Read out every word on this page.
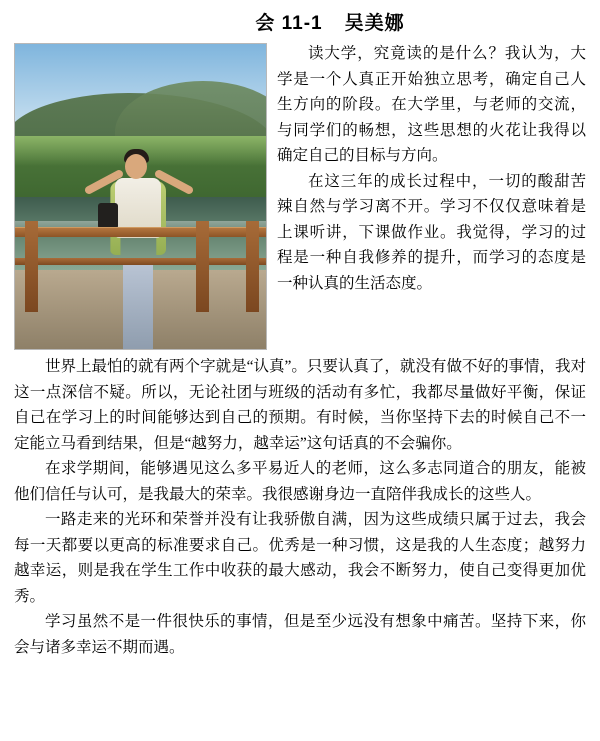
会 11-1 吴美娜

读大学，究竟读的是什么？我认为，大学是一个人真正开始独立思考，确定自己人生方向的阶段。在大学里，与老师的交流，与同学们的畅想，这些思想的火花让我得以确定自己的目标与方向。

在这三年的成长过程中，一切的酸甜苦辣自然与学习离不开。学习不仅仅意味着是上课听讲，下课做作业。我觉得，学习的过程是一种自我修养的提升，而学习的态度是一种认真的生活态度。

世界上最怕的就有两个字就是“认真”。只要认真了，就没有做不好的事情，我对这一点深信不疑。所以，无论社团与班级的活动有多忙，我都尽量做好平衡，保证自己在学习上的时间能够达到自己的预期。有时候，当你坚持下去的时候自己不一定能立马看到结果，但是“越努力，越幸运”这句话真的不会骗你。

在求学期间，能够遇见这么多平易近人的老师，这么多志同道合的朋友，能被他们信任与认可，是我最大的荣幸。我很感谢身边一直陪伴我成长的这些人。

一路走来的光环和荣誉并没有让我骄傲自满，因为这些成绩只属于过去，我会每一天都要以更高的标准要求自己。优秀是一种习惯，这是我的人生态度；越努力越幸运，则是我在学生工作中收获的最大感动，我会不断努力，使自己变得更加优秀。

学习虽然不是一件很快乐的事情，但是至少远没有想象中痛苦。坚持下来，你会与诸多幸运不期而遇。
